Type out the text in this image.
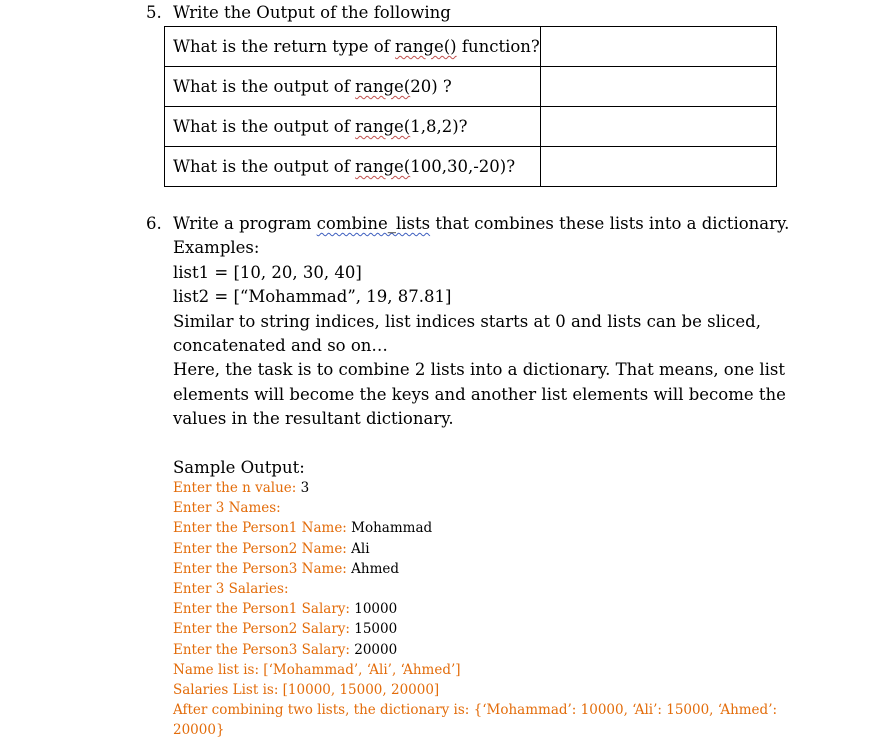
5. Write the Output of the following
What is the return type of range() function?	
What is the output of range(20) ?	
What is the output of range(1,8,2)?	
What is the output of range(100,30,-20)?	
6. Write a program combine_lists that combines these lists into a dictionary.
Examples:
list1 = [10, 20, 30, 40]
list2 = [“Mohammad”, 19, 87.81]
Similar to string indices, list indices starts at 0 and lists can be sliced,
concatenated and so on…
Here, the task is to combine 2 lists into a dictionary. That means, one list
elements will become the keys and another list elements will become the
values in the resultant dictionary.
Sample Output:
Enter the n value: 3
Enter 3 Names:
Enter the Person1 Name: Mohammad
Enter the Person2 Name: Ali
Enter the Person3 Name: Ahmed
Enter 3 Salaries:
Enter the Person1 Salary: 10000
Enter the Person2 Salary: 15000
Enter the Person3 Salary: 20000
Name list is: [‘Mohammad’, ‘Ali’, ‘Ahmed’]
Salaries List is: [10000, 15000, 20000]
After combining two lists, the dictionary is: {‘Mohammad’: 10000, ‘Ali’: 15000, ‘Ahmed’:
20000}
